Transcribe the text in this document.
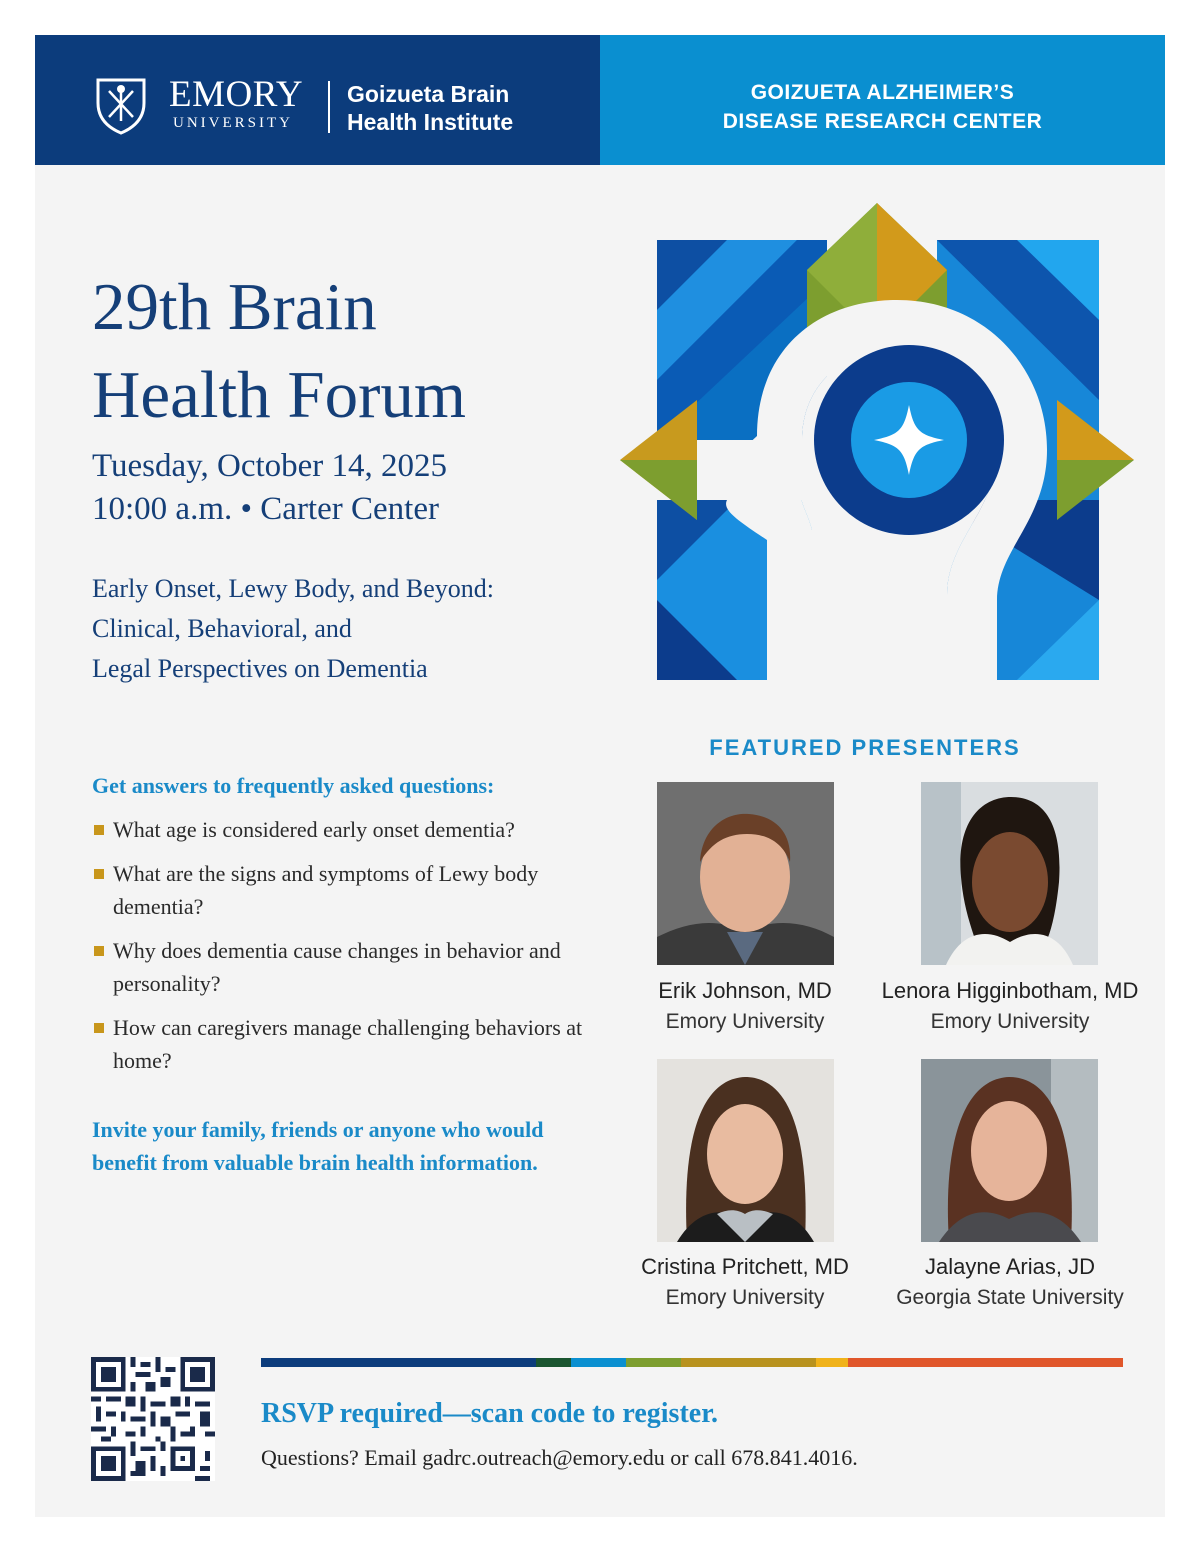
EMORY
UNIVERSITY
Goizueta Brain
Health Institute
GOIZUETA ALZHEIMER’S
DISEASE RESEARCH CENTER
29th Brain
Health Forum
Tuesday, October 14, 2025
10:00 a.m. • Carter Center
Early Onset, Lewy Body, and Beyond:
Clinical, Behavioral, and
Legal Perspectives on Dementia
Get answers to frequently asked questions:
What age is considered early onset dementia?
What are the signs and symptoms of Lewy body dementia?
Why does dementia cause changes in behavior and personality?
How can caregivers manage challenging behaviors at home?
Invite your family, friends or anyone who would benefit from valuable brain health information.
FEATURED PRESENTERS
Erik Johnson, MD
Emory University
Lenora Higginbotham, MD
Emory University
Cristina Pritchett, MD
Emory University
Jalayne Arias, JD
Georgia State University
RSVP required—scan code to register.
Questions? Email gadrc.outreach@emory.edu or call 678.841.4016.
